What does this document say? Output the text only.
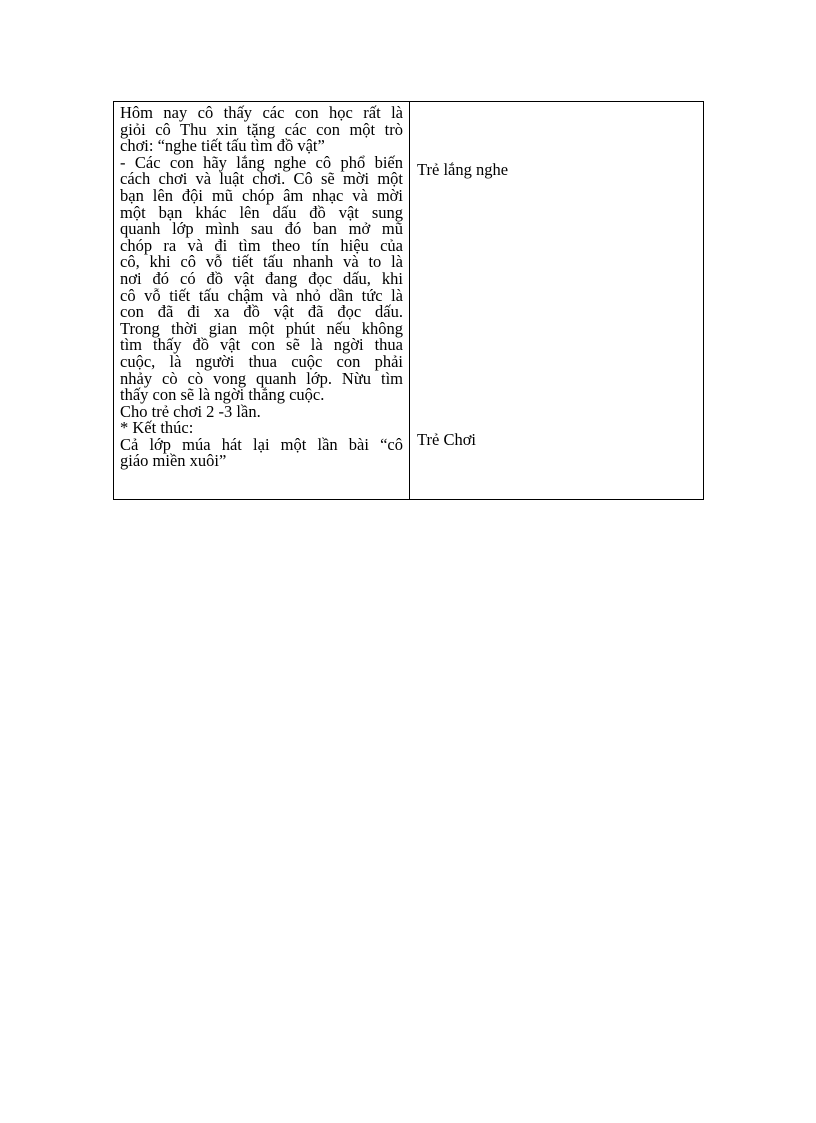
Hôm nay cô thấy các con học rất là
giỏi cô Thu xin tặng các con một trò
chơi: “nghe tiết tấu tìm đồ vật”
- Các con hãy lắng nghe cô phổ biến
cách chơi và luật chơi. Cô sẽ mời một
bạn lên đội mũ chóp âm nhạc và mời
một bạn khác lên dấu đồ vật sung
quanh lớp mình sau đó ban mở mũ
chóp ra và đi tìm theo tín hiệu của
cô, khi cô vỗ tiết tấu nhanh và to là
nơi đó có đồ vật đang đọc dấu, khi
cô vỗ tiết tấu chậm và nhỏ dần tức là
con đã đi xa đồ vật đã đọc dấu.
Trong thời gian một phút nếu không
tìm thấy đồ vật con sẽ là ngời thua
cuộc, là người thua cuộc con phải
nhảy cò cò vong quanh lớp. Nừu tìm
thấy con sẽ là ngời thắng cuộc.
Cho trẻ chơi 2 -3 lần.
* Kết thúc:
Cả lớp múa hát lại một lần bài “cô
giáo miền xuôi”
Trẻ lắng nghe
Trẻ Chơi
